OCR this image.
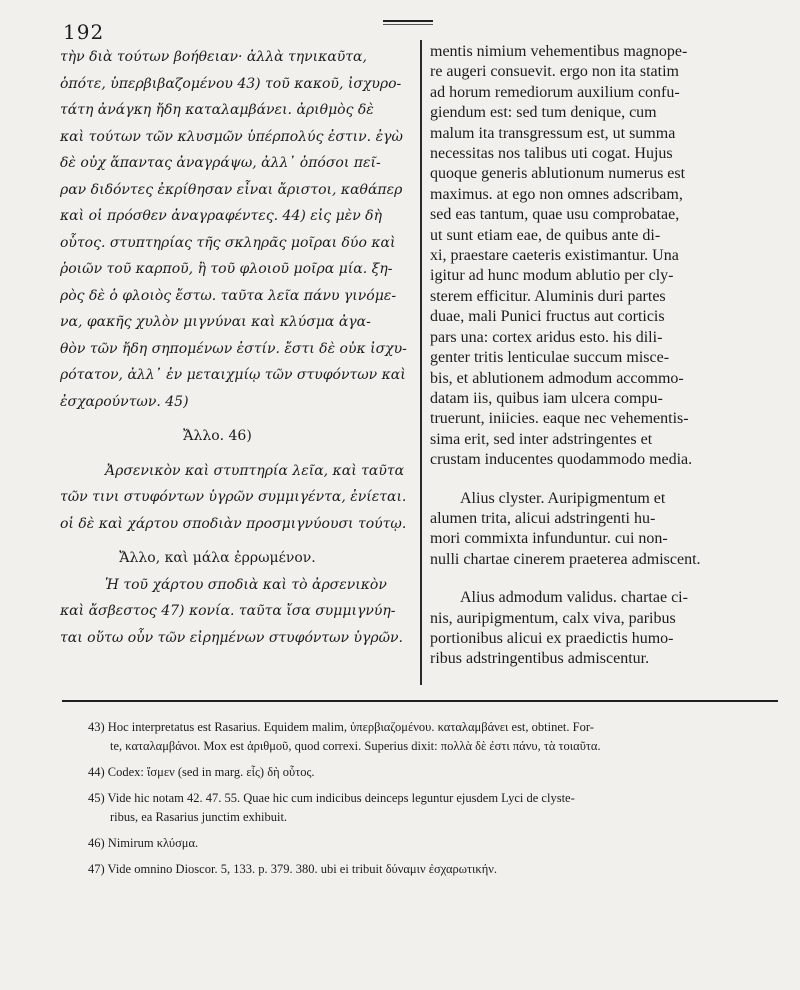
192
τὴν διὰ τούτων βοήθειαν· ἀλλὰ τηνικαῦτα,
ὁπότε, ὑπερβιβαζομένου 43) τοῦ κακοῦ, ἰσχυρο-
τάτη ἀνάγκη ἤδη καταλαμβάνει. ἀριθμὸς δὲ
καὶ τούτων τῶν κλυσμῶν ὑπέρπολύς ἐστιν. ἐγὼ
δὲ οὐχ ἅπαντας ἀναγράψω, ἀλλ᾽ ὁπόσοι πεῖ-
ραν διδόντες ἐκρίθησαν εἶναι ἄριστοι, καθάπερ
καὶ οἱ πρόσθεν ἀναγραφέντες. 44) εἰς μὲν δὴ
οὗτος. στυπτηρίας τῆς σκληρᾶς μοῖραι δύο καὶ
ῥοιῶν τοῦ καρποῦ, ἢ τοῦ φλοιοῦ μοῖρα μία. ξη-
ρὸς δὲ ὁ φλοιὸς ἔστω. ταῦτα λεῖα πάνυ γινόμε-
να, φακῆς χυλὸν μιγνύναι καὶ κλύσμα ἀγα-
θὸν τῶν ἤδη σηπομένων ἐστίν. ἔστι δὲ οὐκ ἰσχυ-
ρότατον, ἀλλ᾽ ἐν μεταιχμίῳ τῶν στυφόντων καὶ
ἐσχαρούντων. 45)
Ἄλλο. 46)
Ἀρσενικὸν καὶ στυπτηρία λεῖα, καὶ ταῦτα
τῶν τινι στυφόντων ὑγρῶν συμμιγέντα, ἐνίεται.
οἱ δὲ καὶ χάρτου σποδιὰν προσμιγνύουσι τούτῳ.
Ἄλλο, καὶ μάλα ἐρρωμένον.
Ἡ τοῦ χάρτου σποδιὰ καὶ τὸ ἀρσενικὸν
καὶ ἄσβεστος 47) κονία. ταῦτα ἴσα συμμιγνύη-
ται οὕτω οὖν τῶν εἰρημένων στυφόντων ὑγρῶν.
mentis nimium vehementibus magnope-
re augeri consuevit. ergo non ita statim
ad horum remediorum auxilium confu-
giendum est: sed tum denique, cum
malum ita transgressum est, ut summa
necessitas nos talibus uti cogat. Hujus
quoque generis ablutionum numerus est
maximus. at ego non omnes adscribam,
sed eas tantum, quae usu comprobatae,
ut sunt etiam eae, de quibus ante di-
xi, praestare caeteris existimantur. Una
igitur ad hunc modum ablutio per cly-
sterem efficitur. Aluminis duri partes
duae, mali Punici fructus aut corticis
pars una: cortex aridus esto. his dili-
genter tritis lenticulae succum misce-
bis, et ablutionem admodum accommo-
datam iis, quibus iam ulcera compu-
truerunt, iniicies. eaque nec vehementis-
sima erit, sed inter adstringentes et
crustam inducentes quodammodo media.
Alius clyster. Auripigmentum et
alumen trita, alicui adstringenti hu-
mori commixta infunduntur. cui non-
nulli chartae cinerem praeterea admiscent.
Alius admodum validus. chartae ci-
nis, auripigmentum, calx viva, paribus
portionibus alicui ex praedictis humo-
ribus adstringentibus admiscentur.
43) Hoc interpretatus est Rasarius. Equidem malim, ὑπερβιαζομένου. καταλαμβάνει est, obtinet. For-
te, καταλαμβάνοι. Mox est ἀριθμοῦ, quod correxi. Superius dixit: πολλὰ δὲ ἐστι πάνυ, τὰ τοιαῦτα.
44) Codex: ἴσμεν (sed in marg. εἷς) δὴ οὗτος.
45) Vide hic notam 42. 47. 55. Quae hic cum indicibus deinceps leguntur ejusdem Lyci de clyste-
ribus, ea Rasarius junctim exhibuit.
46) Nimirum κλύσμα.
47) Vide omnino Dioscor. 5, 133. p. 379. 380. ubi ei tribuit δύναμιν ἐσχαρωτικήν.
